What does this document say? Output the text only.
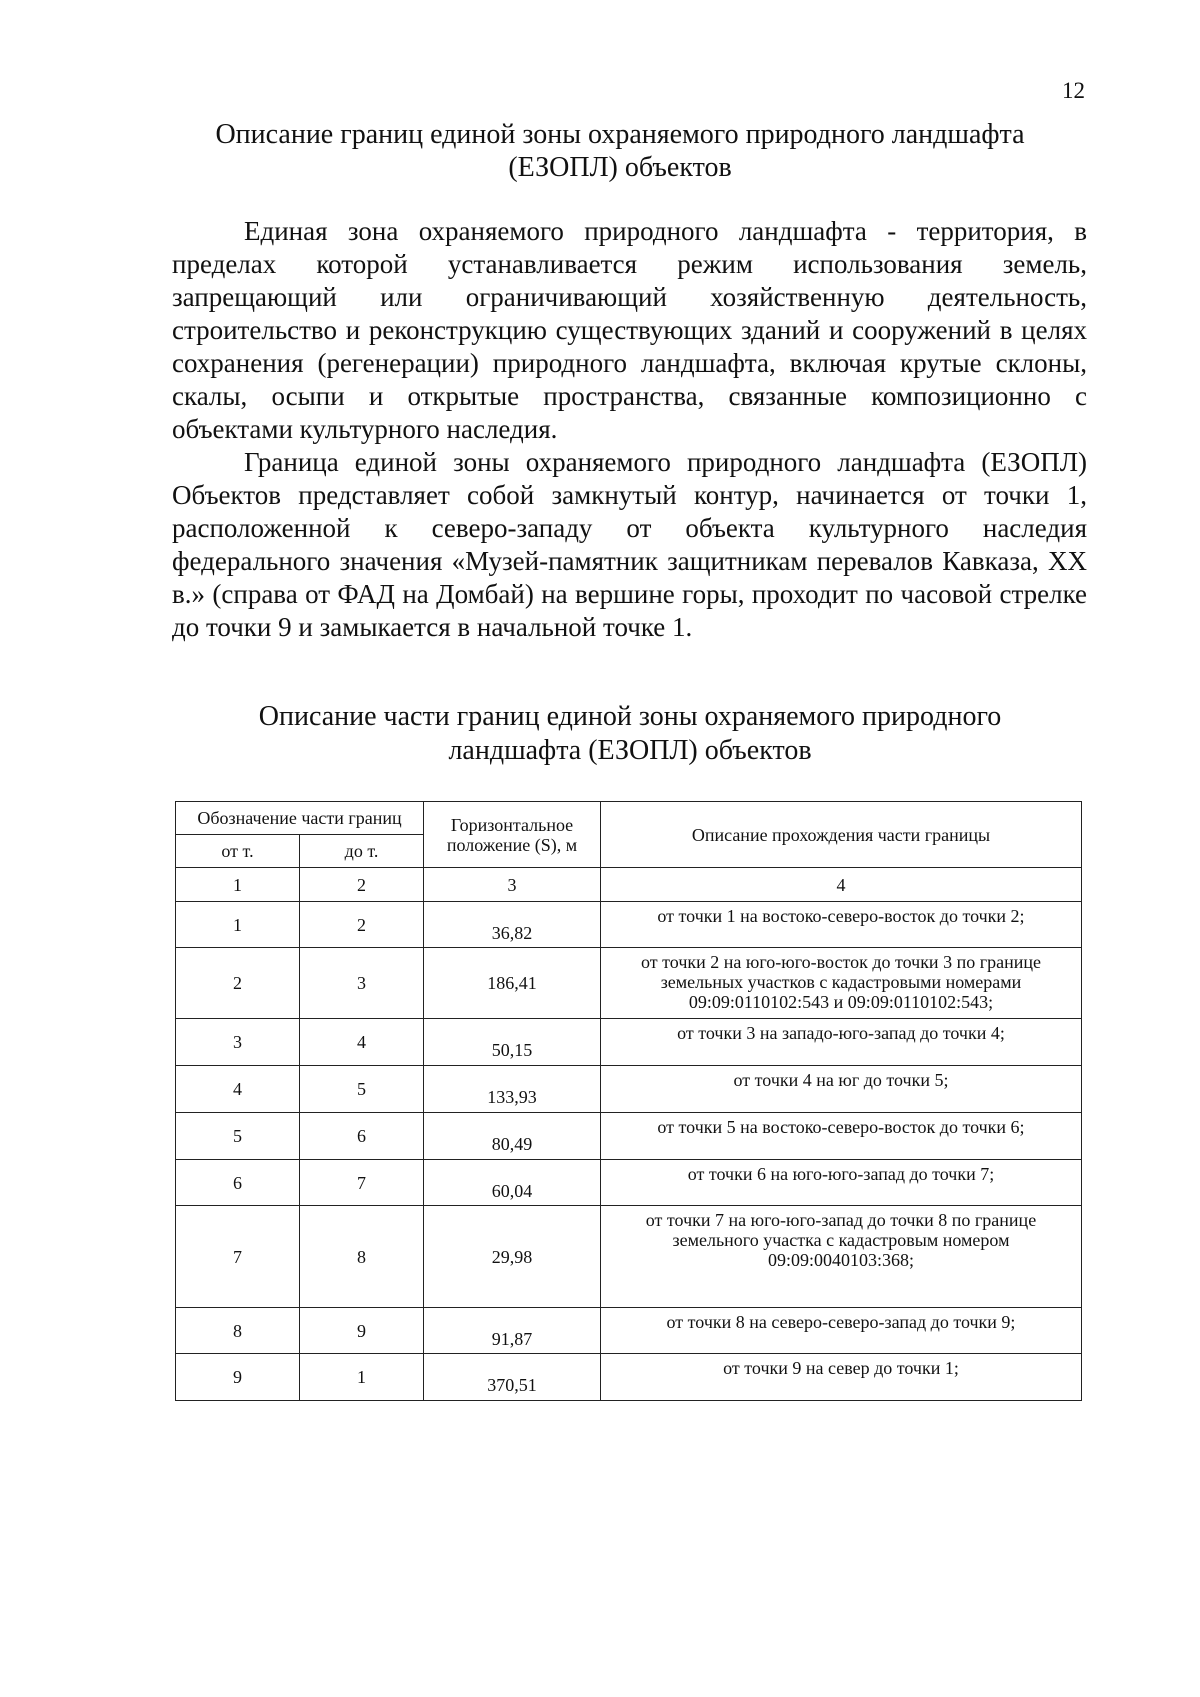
12
Описание границ единой зоны охраняемого природного ландшафта
(ЕЗОПЛ) объектов

Единая зона охраняемого природного ландшафта - территория, в пределах которой устанавливается режим использования земель, запрещающий или ограничивающий хозяйственную деятельность, строительство и реконструкцию существующих зданий и сооружений в целях сохранения (регенерации) природного ландшафта, включая крутые склоны, скалы, осыпи и открытые пространства, связанные композиционно с объектами культурного наследия.

Граница единой зоны охраняемого природного ландшафта (ЕЗОПЛ) Объектов представляет собой замкнутый контур, начинается от точки 1, расположенной к северо-западу от объекта культурного наследия федерального значения «Музей-памятник защитникам перевалов Кавказа, XX в.» (справа от ФАД на Домбай) на вершине горы, проходит по часовой стрелке до точки 9 и замыкается в начальной точке 1.

Описание части границ единой зоны охраняемого природного
ландшафта (ЕЗОПЛ) объектов
Обозначение части границ		Горизонтальное положение (S), м	Описание прохождения части границы
от т.	до т.		
1	2	3	4
1	2	36,82	от точки 1 на востоко-северо-восток до точки 2;
2	3	186,41	от точки 2 на юго-юго-восток до точки 3 по границе земельных участков с кадастровыми номерами 09:09:0110102:543 и 09:09:0110102:543;
3	4	50,15	от точки 3 на западо-юго-запад до точки 4;
4	5	133,93	от точки 4 на юг до точки 5;
5	6	80,49	от точки 5 на востоко-северо-восток до точки 6;
6	7	60,04	от точки 6 на юго-юго-запад до точки 7;
7	8	29,98	от точки 7 на юго-юго-запад до точки 8 по границе земельного участка с кадастровым номером 09:09:0040103:368;
8	9	91,87	от точки 8 на северо-северо-запад до точки 9;
9	1	370,51	от точки 9 на север до точки 1;
